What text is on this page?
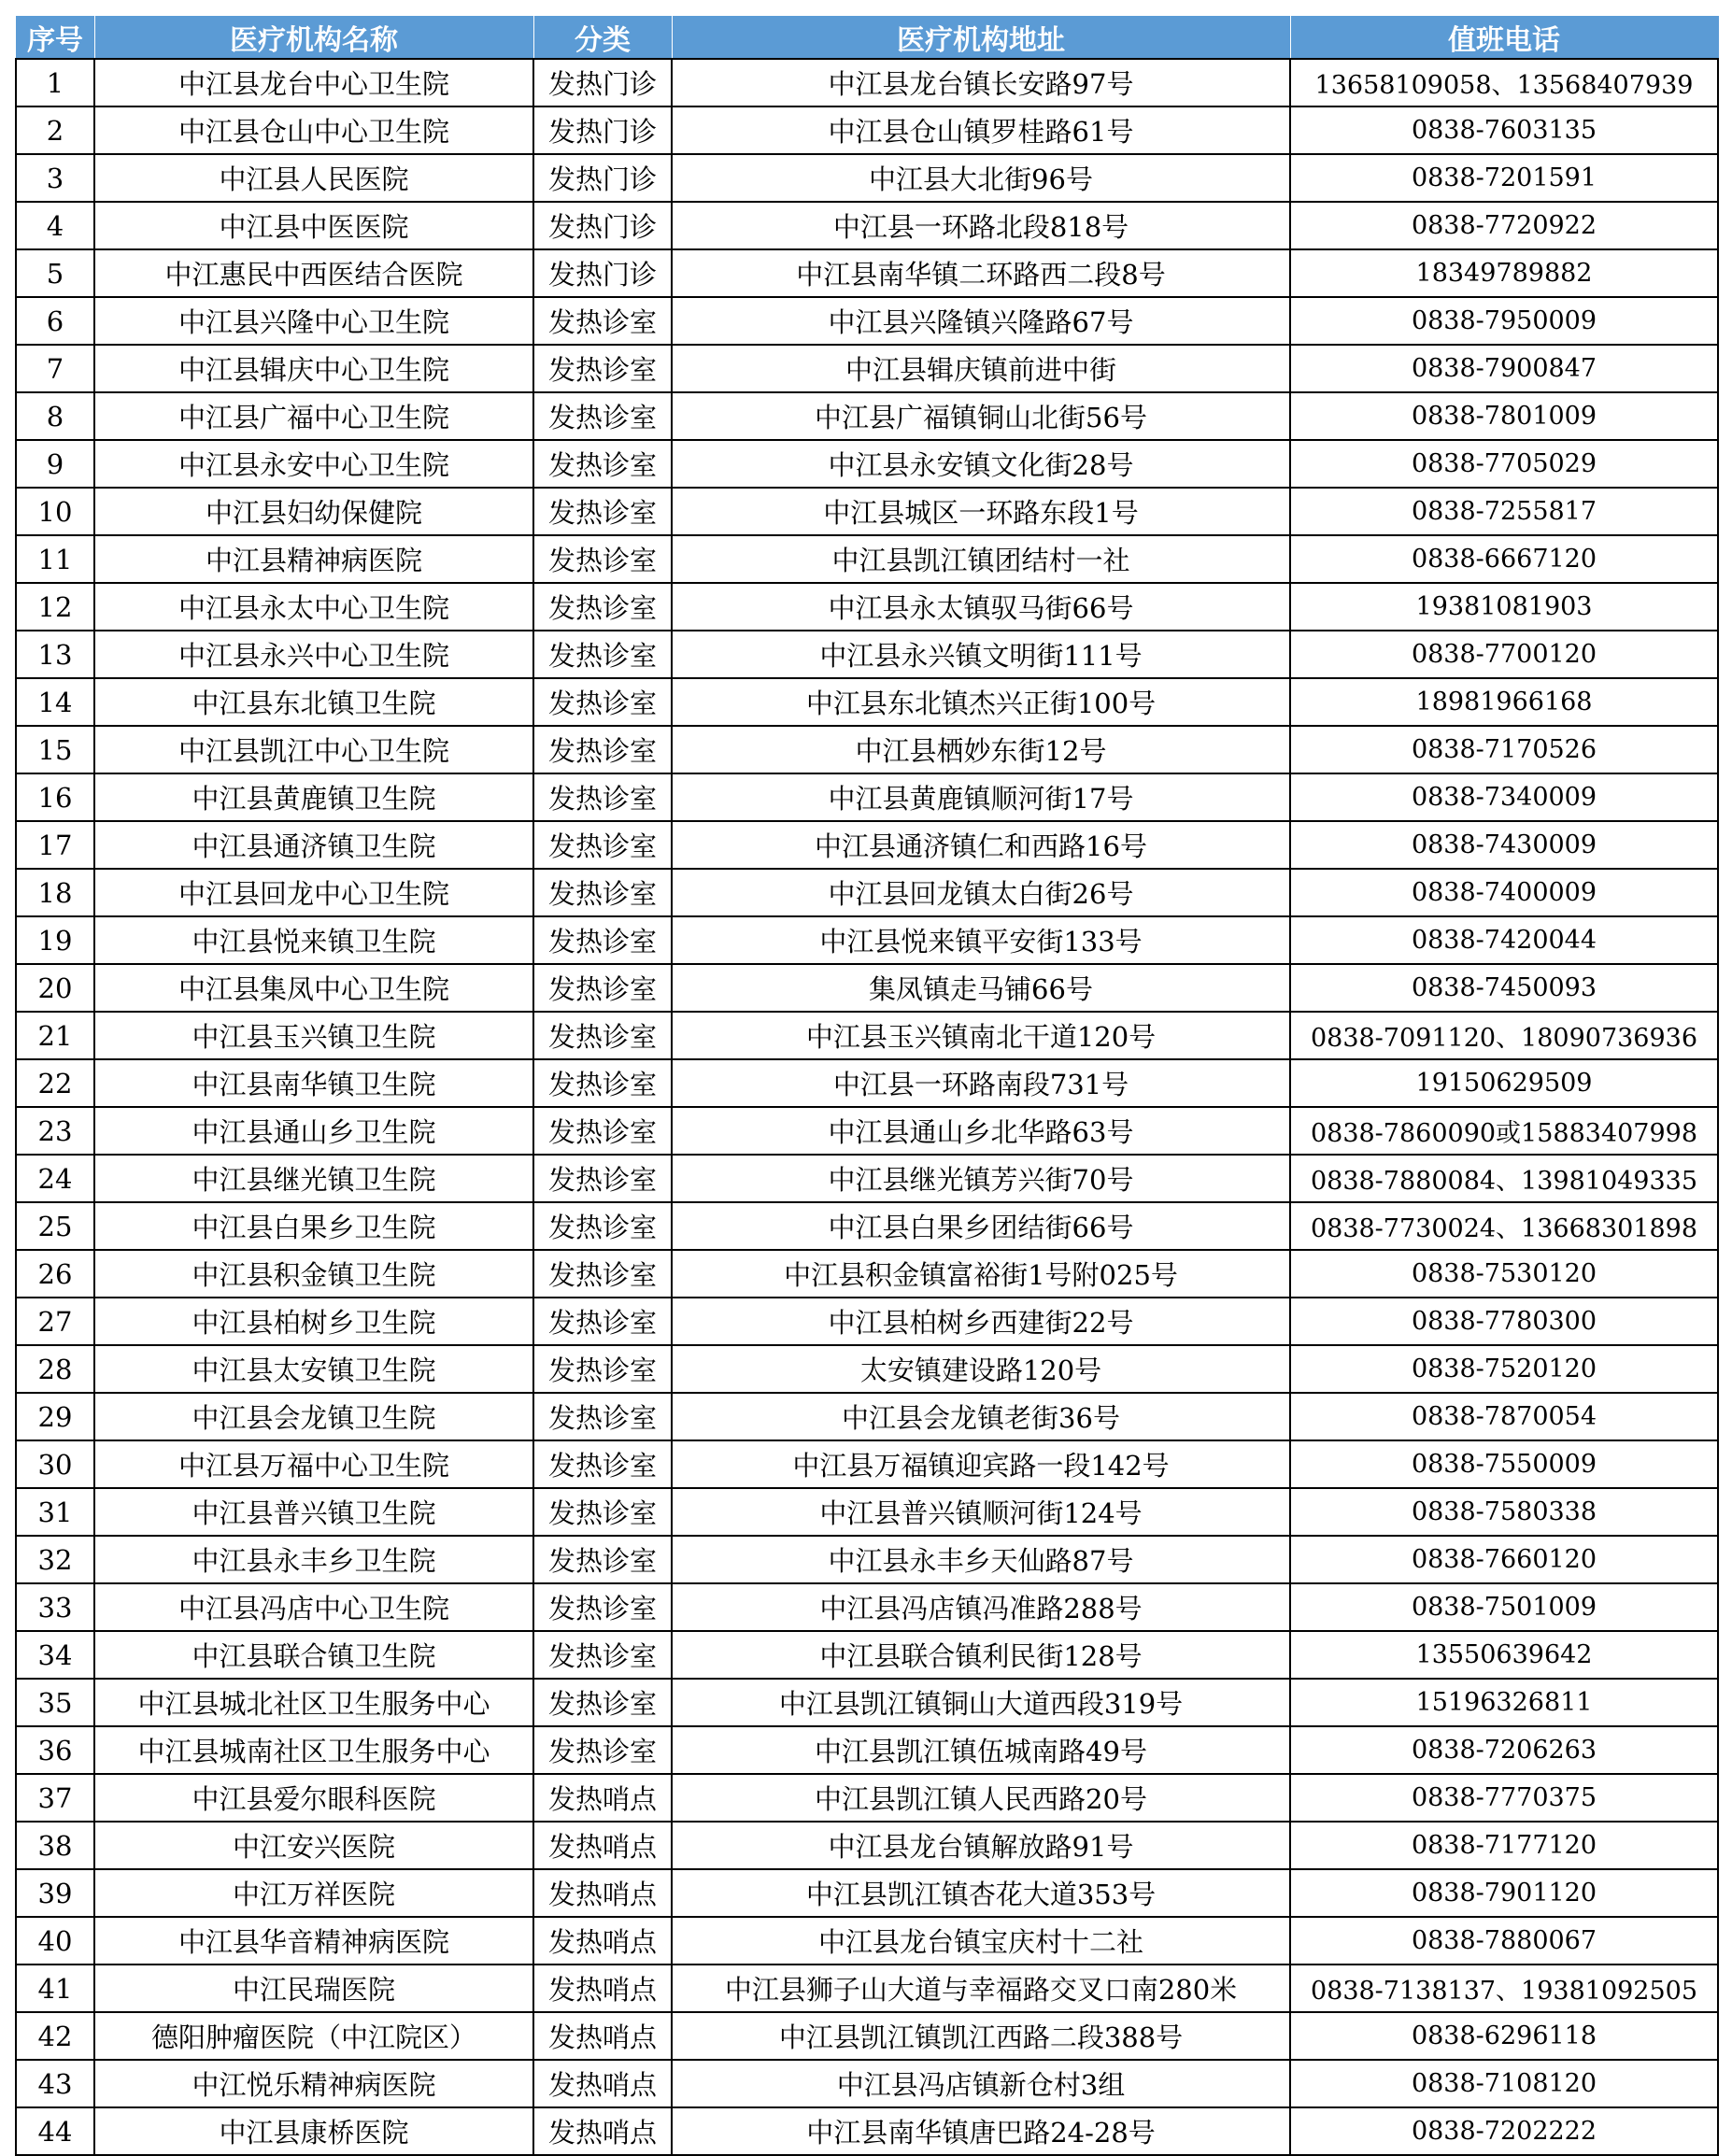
序号	医疗机构名称	分类	医疗机构地址	值班电话
1	中江县龙台中心卫生院	发热门诊	中江县龙台镇长安路97号	13658109058、13568407939
2	中江县仓山中心卫生院	发热门诊	中江县仓山镇罗桂路61号	0838-7603135
3	中江县人民医院	发热门诊	中江县大北街96号	0838-7201591
4	中江县中医医院	发热门诊	中江县一环路北段818号	0838-7720922
5	中江惠民中西医结合医院	发热门诊	中江县南华镇二环路西二段8号	18349789882
6	中江县兴隆中心卫生院	发热诊室	中江县兴隆镇兴隆路67号	0838-7950009
7	中江县辑庆中心卫生院	发热诊室	中江县辑庆镇前进中街	0838-7900847
8	中江县广福中心卫生院	发热诊室	中江县广福镇铜山北街56号	0838-7801009
9	中江县永安中心卫生院	发热诊室	中江县永安镇文化街28号	0838-7705029
10	中江县妇幼保健院	发热诊室	中江县城区一环路东段1号	0838-7255817
11	中江县精神病医院	发热诊室	中江县凯江镇团结村一社	0838-6667120
12	中江县永太中心卫生院	发热诊室	中江县永太镇驭马街66号	19381081903
13	中江县永兴中心卫生院	发热诊室	中江县永兴镇文明街111号	0838-7700120
14	中江县东北镇卫生院	发热诊室	中江县东北镇杰兴正街100号	18981966168
15	中江县凯江中心卫生院	发热诊室	中江县栖妙东街12号	0838-7170526
16	中江县黄鹿镇卫生院	发热诊室	中江县黄鹿镇顺河街17号	0838-7340009
17	中江县通济镇卫生院	发热诊室	中江县通济镇仁和西路16号	0838-7430009
18	中江县回龙中心卫生院	发热诊室	中江县回龙镇太白街26号	0838-7400009
19	中江县悦来镇卫生院	发热诊室	中江县悦来镇平安街133号	0838-7420044
20	中江县集凤中心卫生院	发热诊室	集凤镇走马铺66号	0838-7450093
21	中江县玉兴镇卫生院	发热诊室	中江县玉兴镇南北干道120号	0838-7091120、18090736936
22	中江县南华镇卫生院	发热诊室	中江县一环路南段731号	19150629509
23	中江县通山乡卫生院	发热诊室	中江县通山乡北华路63号	0838-7860090或15883407998
24	中江县继光镇卫生院	发热诊室	中江县继光镇芳兴街70号	0838-7880084、13981049335
25	中江县白果乡卫生院	发热诊室	中江县白果乡团结街66号	0838-7730024、13668301898
26	中江县积金镇卫生院	发热诊室	中江县积金镇富裕街1号附025号	0838-7530120
27	中江县柏树乡卫生院	发热诊室	中江县柏树乡西建街22号	0838-7780300
28	中江县太安镇卫生院	发热诊室	太安镇建设路120号	0838-7520120
29	中江县会龙镇卫生院	发热诊室	中江县会龙镇老街36号	0838-7870054
30	中江县万福中心卫生院	发热诊室	中江县万福镇迎宾路一段142号	0838-7550009
31	中江县普兴镇卫生院	发热诊室	中江县普兴镇顺河街124号	0838-7580338
32	中江县永丰乡卫生院	发热诊室	中江县永丰乡天仙路87号	0838-7660120
33	中江县冯店中心卫生院	发热诊室	中江县冯店镇冯准路288号	0838-7501009
34	中江县联合镇卫生院	发热诊室	中江县联合镇利民街128号	13550639642
35	中江县城北社区卫生服务中心	发热诊室	中江县凯江镇铜山大道西段319号	15196326811
36	中江县城南社区卫生服务中心	发热诊室	中江县凯江镇伍城南路49号	0838-7206263
37	中江县爱尔眼科医院	发热哨点	中江县凯江镇人民西路20号	0838-7770375
38	中江安兴医院	发热哨点	中江县龙台镇解放路91号	0838-7177120
39	中江万祥医院	发热哨点	中江县凯江镇杏花大道353号	0838-7901120
40	中江县华音精神病医院	发热哨点	中江县龙台镇宝庆村十二社	0838-7880067
41	中江民瑞医院	发热哨点	中江县狮子山大道与幸福路交叉口南280米	0838-7138137、19381092505
42	德阳肿瘤医院（中江院区）	发热哨点	中江县凯江镇凯江西路二段388号	0838-6296118
43	中江悦乐精神病医院	发热哨点	中江县冯店镇新仓村3组	0838-7108120
44	中江县康桥医院	发热哨点	中江县南华镇唐巴路24-28号	0838-7202222
